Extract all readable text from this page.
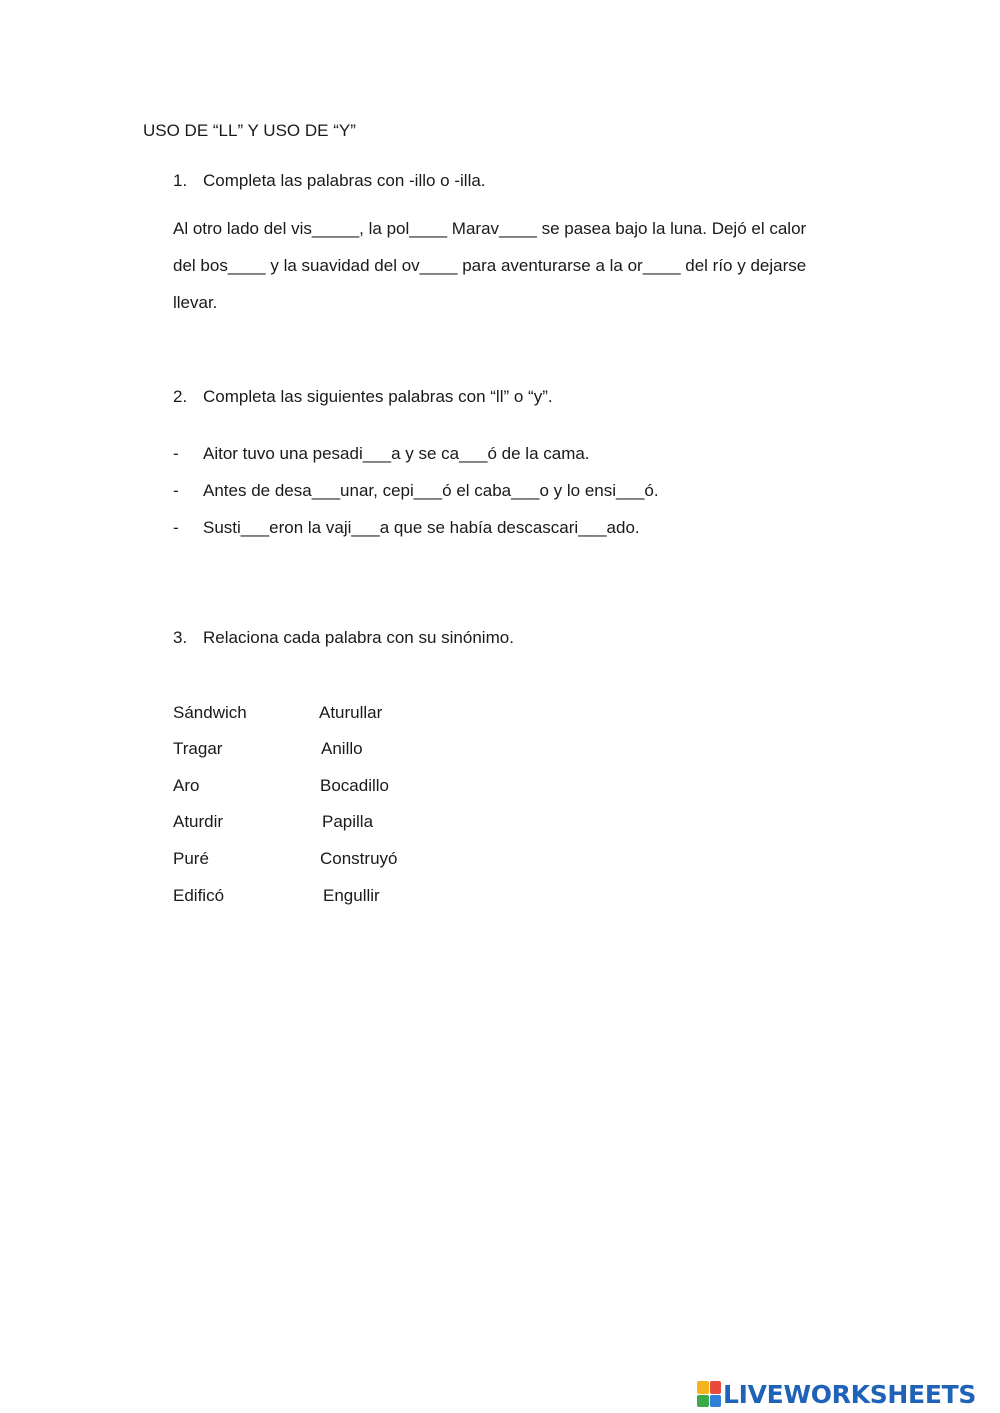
USO DE “LL” Y USO DE “Y”
1. Completa las palabras con -illo o -illa.
Al otro lado del vis_____, la pol____ Marav____ se pasea bajo la luna. Dejó el calor
del bos____ y la suavidad del ov____ para aventurarse a la or____ del río y dejarse
llevar.
2. Completa las siguientes palabras con “ll” o “y”.
- Aitor tuvo una pesadi___a y se ca___ó de la cama.
- Antes de desa___unar, cepi___ó el caba___o y lo ensi___ó.
- Susti___eron la vaji___a que se había descascari___ado.
3. Relaciona cada palabra con su sinónimo.
Sándwich	Aturullar
Tragar	Anillo
Aro	Bocadillo
Aturdir	Papilla
Puré	Construyó
Edificó	Engullir
LIVEWORKSHEETS
